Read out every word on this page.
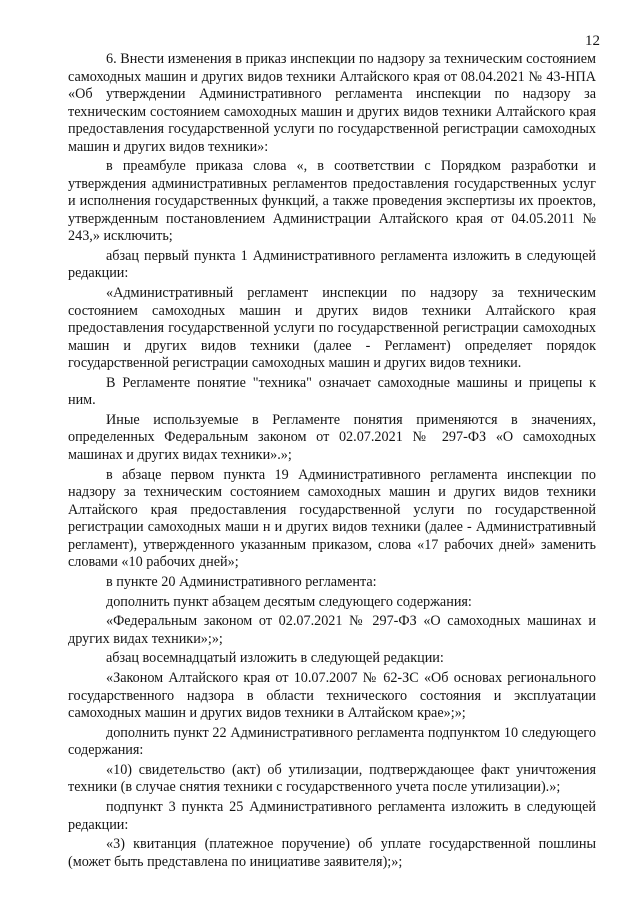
12

6. Внести изменения в приказ инспекции по надзору за техническим состоянием самоходных машин и других видов техники Алтайского края от 08.04.2021 № 43-НПА «Об утверждении Административного регламента инспекции по надзору за техническим состоянием самоходных машин и других видов техники Алтайского края предоставления государственной услуги по государственной регистрации самоходных машин и других видов техники»:

в преамбуле приказа слова «, в соответствии с Порядком разработки и утверждения административных регламентов предоставления государственных услуг и исполнения государственных функций, а также проведения экспертизы их проектов, утвержденным постановлением Администрации Алтайского края от 04.05.2011 № 243,» исключить;

абзац первый пункта 1 Административного регламента изложить в следующей редакции:

«Административный регламент инспекции по надзору за техническим состоянием самоходных машин и других видов техники Алтайского края предоставления государственной услуги по государственной регистрации самоходных машин и других видов техники (далее - Регламент) определяет порядок государственной регистрации самоходных машин и других видов техники.

В Регламенте понятие "техника" означает самоходные машины и прицепы к ним.

Иные используемые в Регламенте понятия применяются в значениях, определенных Федеральным законом от 02.07.2021 № 297-ФЗ «О самоходных машинах и других видах техники».»;

в абзаце первом пункта 19 Административного регламента инспекции по надзору за техническим состоянием самоходных машин и других видов техники Алтайского края предоставления государственной услуги по государственной регистрации самоходных маши н и других видов техники (далее - Административный регламент), утвержденного указанным приказом, слова «17 рабочих дней» заменить словами «10 рабочих дней»;

в пункте 20 Административного регламента:

дополнить пункт абзацем десятым следующего содержания:

«Федеральным законом от 02.07.2021 № 297-ФЗ «О самоходных машинах и других видах техники»;»;

абзац восемнадцатый изложить в следующей редакции:

«Законом Алтайского края от 10.07.2007 № 62-ЗС «Об основах регионального государственного надзора в области технического состояния и эксплуатации самоходных машин и других видов техники в Алтайском крае»;»;

дополнить пункт 22 Административного регламента подпунктом 10 следующего содержания:

«10) свидетельство (акт) об утилизации, подтверждающее факт уничтожения техники (в случае снятия техники с государственного учета после утилизации).»;

подпункт 3 пункта 25 Административного регламента изложить в следующей редакции:

«3) квитанция (платежное поручение) об уплате государственной пошлины (может быть представлена по инициативе заявителя);»;
